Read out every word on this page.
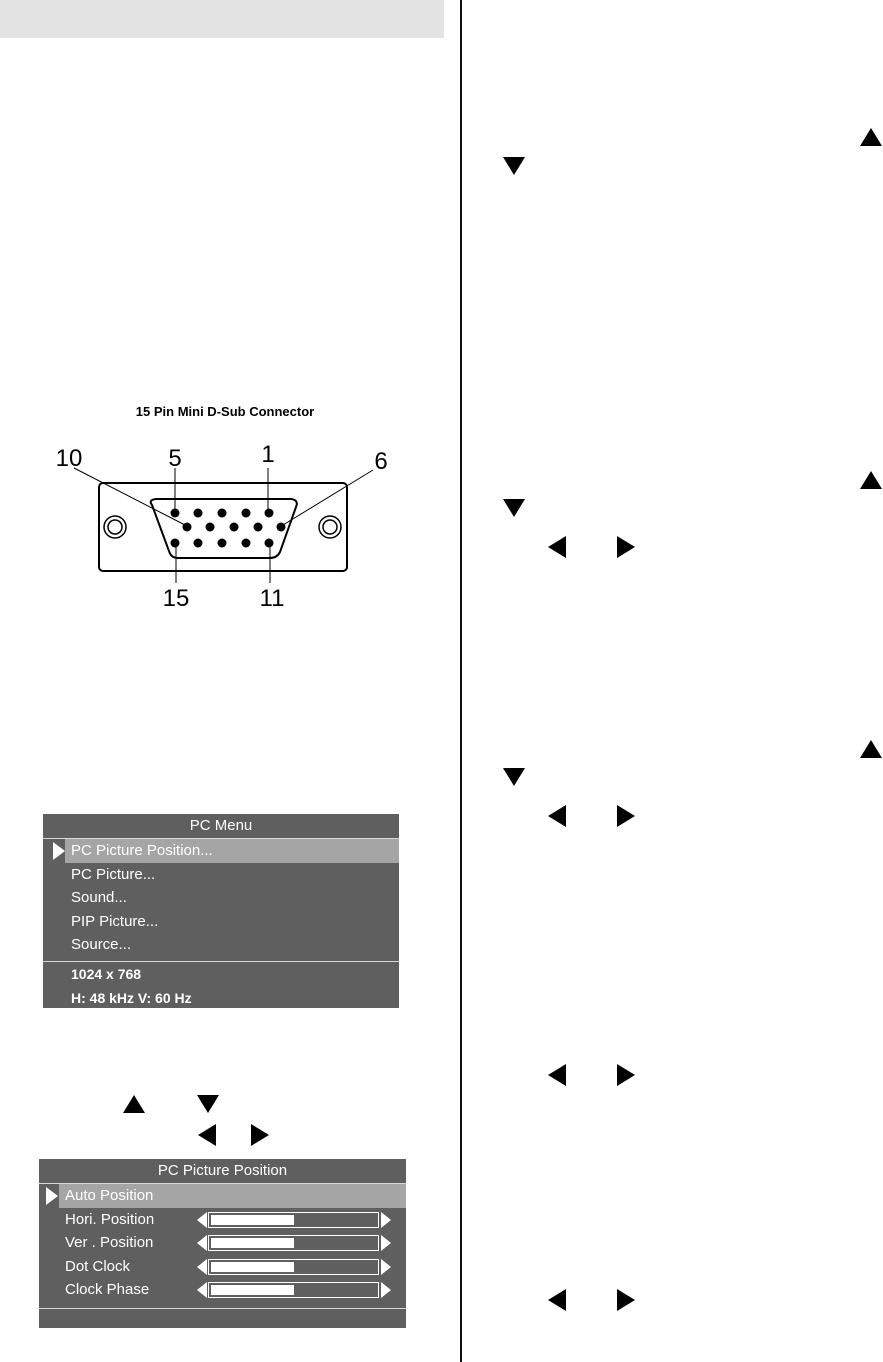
15 Pin Mini D-Sub Connector
10	5	1	6
15	11
PC Menu
PC Picture Position...
PC Picture...
Sound...
PIP Picture...
Source...
1024 x 768
H: 48 kHz V: 60 Hz
PC Picture Position
Auto Position
Hori. Position
Ver . Position
Dot Clock
Clock Phase
